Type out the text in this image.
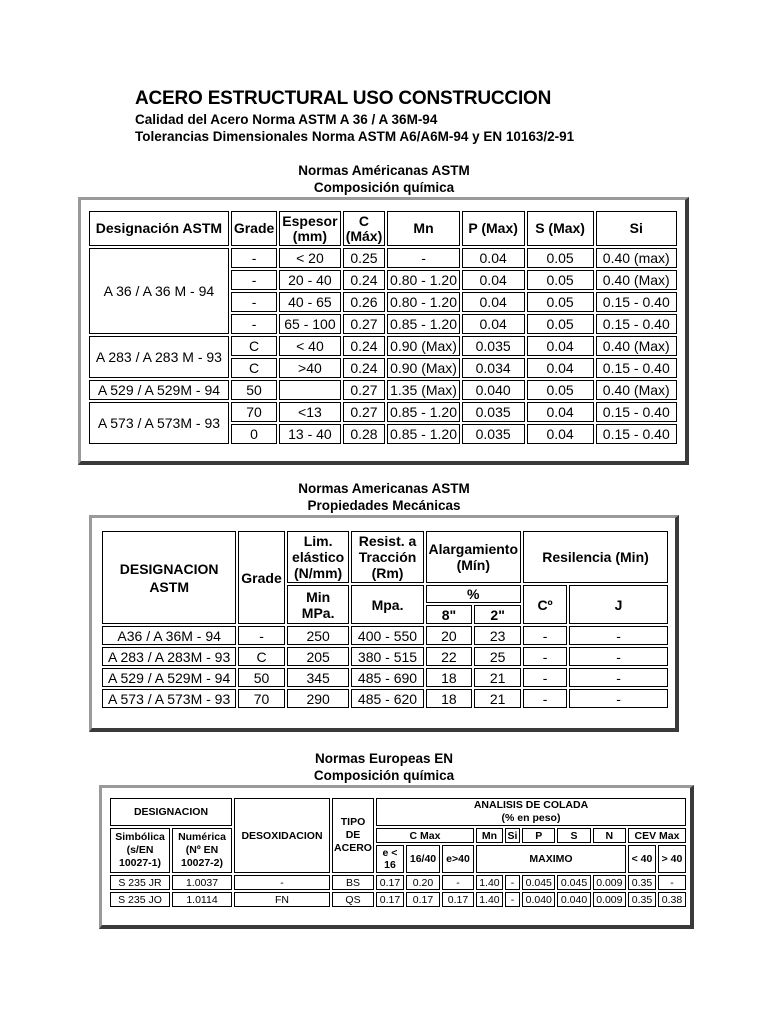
ACERO ESTRUCTURAL USO CONSTRUCCION
Calidad del Acero Norma ASTM A 36 / A 36M-94
Tolerancias Dimensionales Norma ASTM A6/A6M-94 y EN 10163/2-91
Normas Américanas ASTM
Composición química
Designación ASTM	Grade	Espesor (mm)	C (Máx)	Mn	P (Max)	S (Max)	Si
A 36 / A 36 M - 94	-	< 20	0.25	-	0.04	0.05	0.40 (max)
	-	20 - 40	0.24	0.80 - 1.20	0.04	0.05	0.40 (Max)
	-	40 - 65	0.26	0.80 - 1.20	0.04	0.05	0.15 - 0.40
	-	65 - 100	0.27	0.85 - 1.20	0.04	0.05	0.15 - 0.40
A 283 / A 283 M - 93	C	< 40	0.24	0.90 (Max)	0.035	0.04	0.40 (Max)
	C	>40	0.24	0.90 (Max)	0.034	0.04	0.15 - 0.40
A 529 / A 529M - 94	50		0.27	1.35 (Max)	0.040	0.05	0.40 (Max)
A 573 / A 573M - 93	70	<13	0.27	0.85 - 1.20	0.035	0.04	0.15 - 0.40
	0	13 - 40	0.28	0.85 - 1.20	0.035	0.04	0.15 - 0.40
Normas Americanas ASTM
Propiedades Mecánicas
DESIGNACION ASTM	Grade	Lim. elástico (N/mm)	Resist. a Tracción (Rm)	Alargamiento (Mín)		Resilencia (Min)	
		Min MPa.	Mpa.	%		Cº	J
				8"	2"		
A36 / A 36M - 94	-	250	400 - 550	20	23	-	-
A 283 / A 283M - 93	C	205	380 - 515	22	25	-	-
A 529 / A 529M - 94	50	345	485 - 690	18	21	-	-
A 573 / A 573M - 93	70	290	485 - 620	18	21	-	-
Normas Europeas EN
Composición química
DESIGNACION		DESOXIDACION	TIPO DE ACERO	ANALISIS DE COLADA
(% en peso)									

Simbólica (s/EN 10027-1)	Numérica (Nº EN 10027-2)			C Max			Mn	Si	P	S	N	CEV Max	
				e < 16	16/40	e>40	MAXIMO					< 40	> 40
S 235 JR	1.0037	-	BS	0.17	0.20	-	1.40	-	0.045	0.045	0.009	0.35	-
S 235 JO	1.0114	FN	QS	0.17	0.17	0.17	1.40	-	0.040	0.040	0.009	0.35	0.38
